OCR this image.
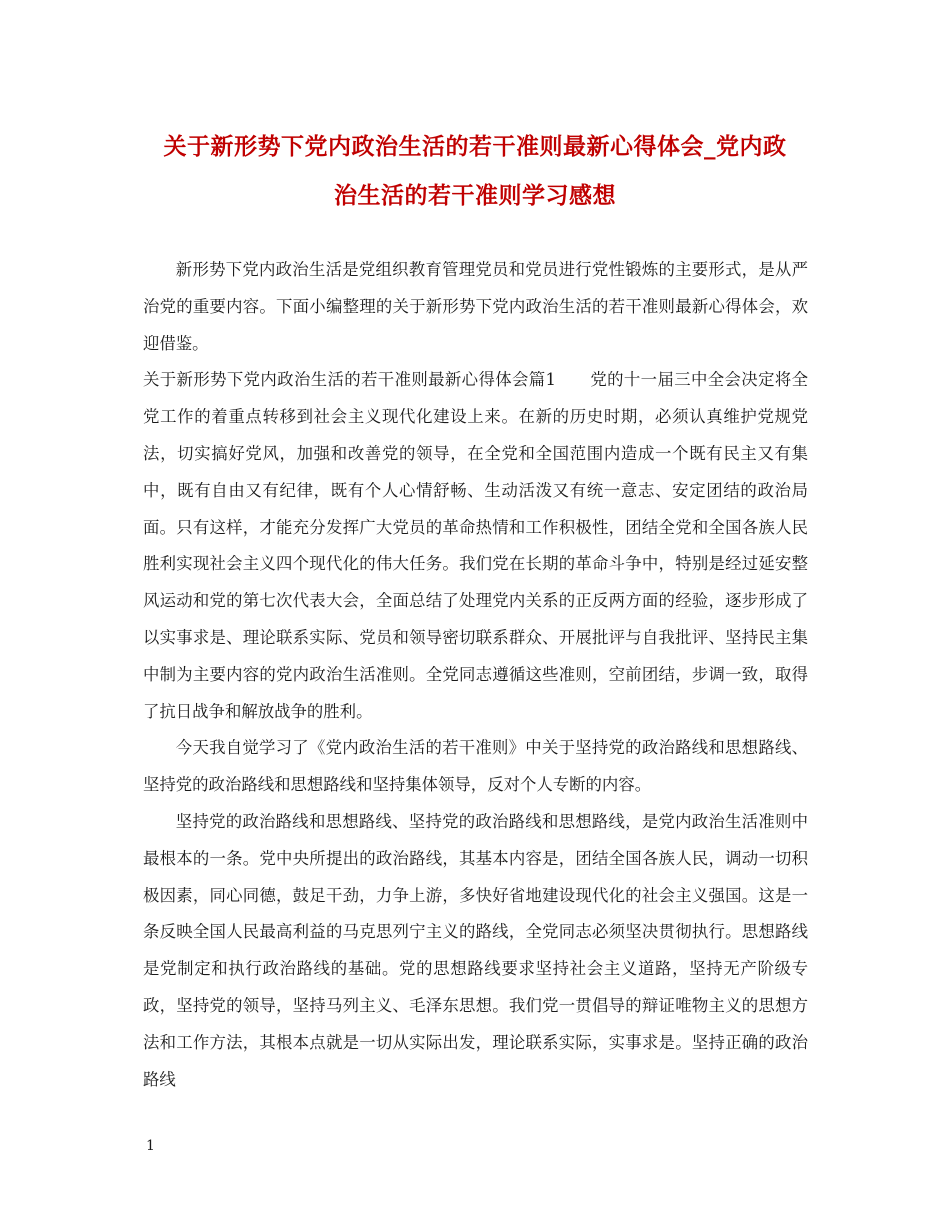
关于新形势下党内政治生活的若干准则最新心得体会_党内政
治生活的若干准则学习感想

新形势下党内政治生活是党组织教育管理党员和党员进行党性锻炼的主要形式，是从严治党的重要内容。下面小编整理的关于新形势下党内政治生活的若干准则最新心得体会，欢迎借鉴。

关于新形势下党内政治生活的若干准则最新心得体会篇1 党的十一届三中全会决定将全党工作的着重点转移到社会主义现代化建设上来。在新的历史时期，必须认真维护党规党法，切实搞好党风，加强和改善党的领导，在全党和全国范围内造成一个既有民主又有集中，既有自由又有纪律，既有个人心情舒畅、生动活泼又有统一意志、安定团结的政治局面。只有这样，才能充分发挥广大党员的革命热情和工作积极性，团结全党和全国各族人民胜利实现社会主义四个现代化的伟大任务。我们党在长期的革命斗争中，特别是经过延安整风运动和党的第七次代表大会，全面总结了处理党内关系的正反两方面的经验，逐步形成了以实事求是、理论联系实际、党员和领导密切联系群众、开展批评与自我批评、坚持民主集中制为主要内容的党内政治生活准则。全党同志遵循这些准则，空前团结，步调一致，取得了抗日战争和解放战争的胜利。

今天我自觉学习了《党内政治生活的若干准则》中关于坚持党的政治路线和思想路线、坚持党的政治路线和思想路线和坚持集体领导，反对个人专断的内容。

坚持党的政治路线和思想路线、坚持党的政治路线和思想路线，是党内政治生活准则中最根本的一条。党中央所提出的政治路线，其基本内容是，团结全国各族人民，调动一切积极因素，同心同德，鼓足干劲，力争上游，多快好省地建设现代化的社会主义强国。这是一条反映全国人民最高利益的马克思列宁主义的路线，全党同志必须坚决贯彻执行。思想路线是党制定和执行政治路线的基础。党的思想路线要求坚持社会主义道路，坚持无产阶级专政，坚持党的领导，坚持马列主义、毛泽东思想。我们党一贯倡导的辩证唯物主义的思想方法和工作方法，其根本点就是一切从实际出发，理论联系实际，实事求是。坚持正确的政治路线

1
